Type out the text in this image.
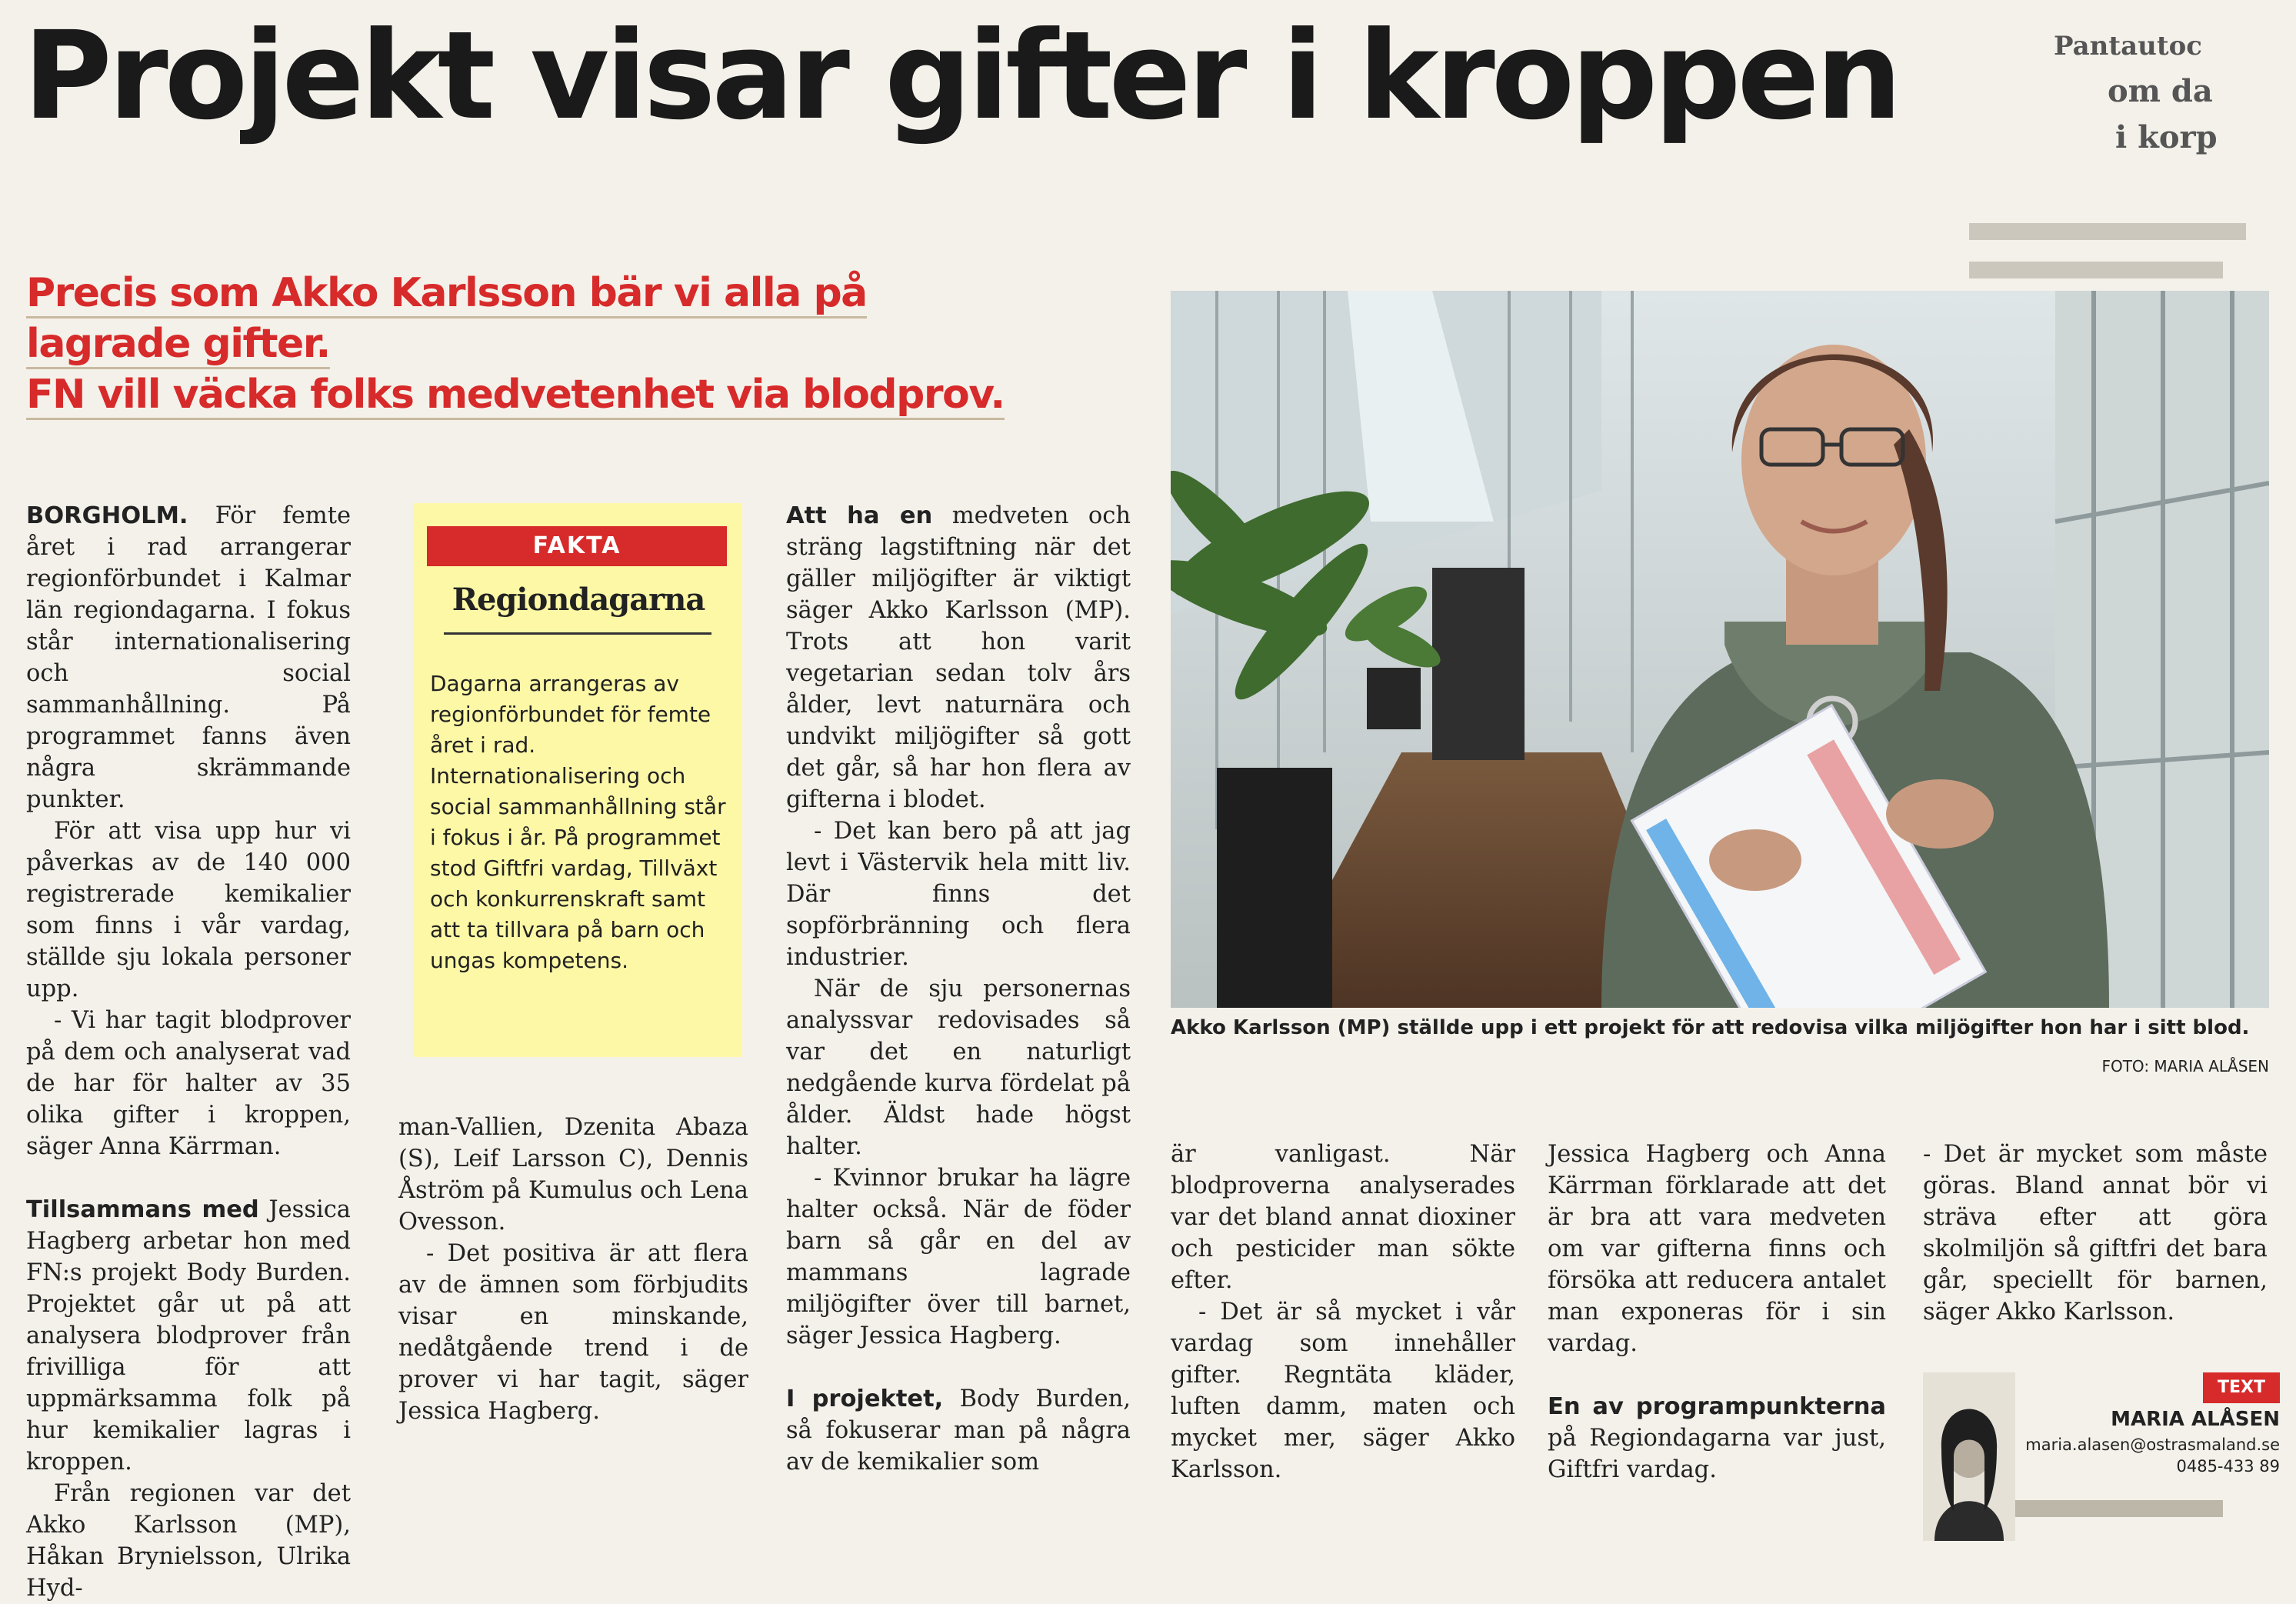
Projekt visar gifter i kroppen	Pantautoc
om da
i korp
Precis som Akko Karlsson bär vi alla på
lagrade gifter.
FN vill väcka folks medvetenhet via blodprov.

BORGHOLM. För femte året i rad arrangerar regionförbundet i Kalmar län regiondagarna. I fokus står internationalisering och social sammanhållning. På programmet fanns även några skrämmande punkter.

För att visa upp hur vi påverkas av de 140 000 registrerade kemikalier som finns i vår vardag, ställde sju lokala personer upp.

- Vi har tagit blodprover på dem och analyserat vad de har för halter av 35 olika gifter i kroppen, säger Anna Kärrman.

Tillsammans med Jessica Hagberg arbetar hon med FN:s projekt Body Burden. Projektet går ut på att analysera blodprover från frivilliga för att uppmärksamma folk på hur kemikalier lagras i kroppen.

Från regionen var det Akko Karlsson (MP), Håkan Brynielsson, Ulrika Hyd-

FAKTA
Regiondagarna
Dagarna arrangeras av regionförbundet för femte året i rad. Internationalisering och social sammanhållning står i fokus i år. På programmet stod Giftfri vardag, Tillväxt och konkurrenskraft samt att ta tillvara på barn och ungas kompetens.

man-Vallien, Dzenita Abaza (S), Leif Larsson C), Dennis Åström på Kumulus och Lena Ovesson.

- Det positiva är att flera av de ämnen som förbjudits visar en minskande, nedåtgående trend i de prover vi har tagit, säger Jessica Hagberg.

Att ha en medveten och sträng lagstiftning när det gäller miljögifter är viktigt säger Akko Karlsson (MP). Trots att hon varit vegetarian sedan tolv års ålder, levt naturnära och undvikt miljögifter så gott det går, så har hon flera av gifterna i blodet.

- Det kan bero på att jag levt i Västervik hela mitt liv. Där finns det sopförbränning och flera industrier.

När de sju personernas analyssvar redovisades så var det en naturligt nedgående kurva fördelat på ålder. Äldst hade högst halter.

- Kvinnor brukar ha lägre halter också. När de föder barn så går en del av mammans lagrade miljögifter över till barnet, säger Jessica Hagberg.

I projektet, Body Burden, så fokuserar man på några av de kemikalier som

Akko Karlsson (MP) ställde upp i ett projekt för att redovisa vilka miljögifter hon har i sitt blod.
FOTO: MARIA ALÅSEN

är vanligast. När blodproverna analyserades var det bland annat dioxiner och pesticider man sökte efter.

- Det är så mycket i vår vardag som innehåller gifter. Regntäta kläder, luften damm, maten och mycket mer, säger Akko Karlsson.

Jessica Hagberg och Anna Kärrman förklarade att det är bra att vara medveten om var gifterna finns och försöka att reducera antalet man exponeras för i sin vardag.

En av programpunkterna på Regiondagarna var just, Giftfri vardag.

- Det är mycket som måste göras. Bland annat bör vi sträva efter att göra skolmiljön så giftfri det bara går, speciellt för barnen, säger Akko Karlsson.

TEXT
MARIA ALÅSEN
maria.alasen@ostrasmaland.se
0485-433 89
